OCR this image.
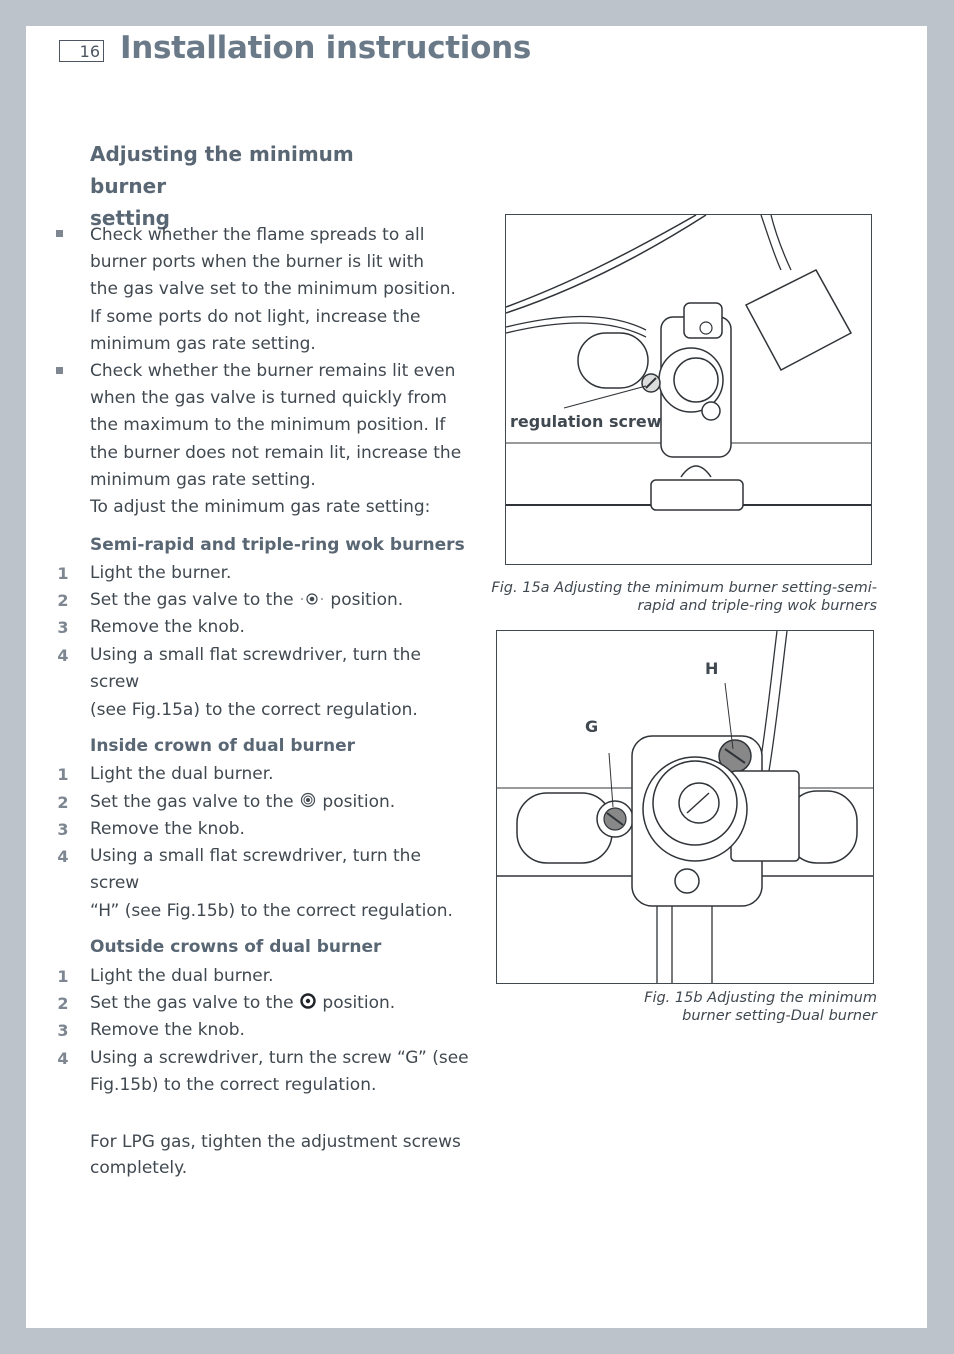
16 Installation instructions
Adjusting the minimum burner
setting
Check whether the flame spreads to all
burner ports when the burner is lit with
the gas valve set to the minimum position.
If some ports do not light, increase the
minimum gas rate setting.
Check whether the burner remains lit even
when the gas valve is turned quickly from
the maximum to the minimum position. If
the burner does not remain lit, increase the
minimum gas rate setting.
To adjust the minimum gas rate setting:
Semi-rapid and triple-ring wok burners
1 Light the burner.
2 Set the gas valve to the position.
3 Remove the knob.
4 Using a small flat screwdriver, turn the screw
(see Fig.15a) to the correct regulation.
Inside crown of dual burner
1 Light the dual burner.
2 Set the gas valve to the position.
3 Remove the knob.
4 Using a small flat screwdriver, turn the screw
“H” (see Fig.15b) to the correct regulation.
Outside crowns of dual burner
1 Light the dual burner.
2 Set the gas valve to the position.
3 Remove the knob.
4 Using a screwdriver, turn the screw “G” (see
Fig.15b) to the correct regulation.
For LPG gas, tighten the adjustment screws
completely.
regulation screw
Fig. 15a Adjusting the minimum burner setting-semi-
rapid and triple-ring wok burners
G
H
Fig. 15b Adjusting the minimum
burner setting-Dual burner
